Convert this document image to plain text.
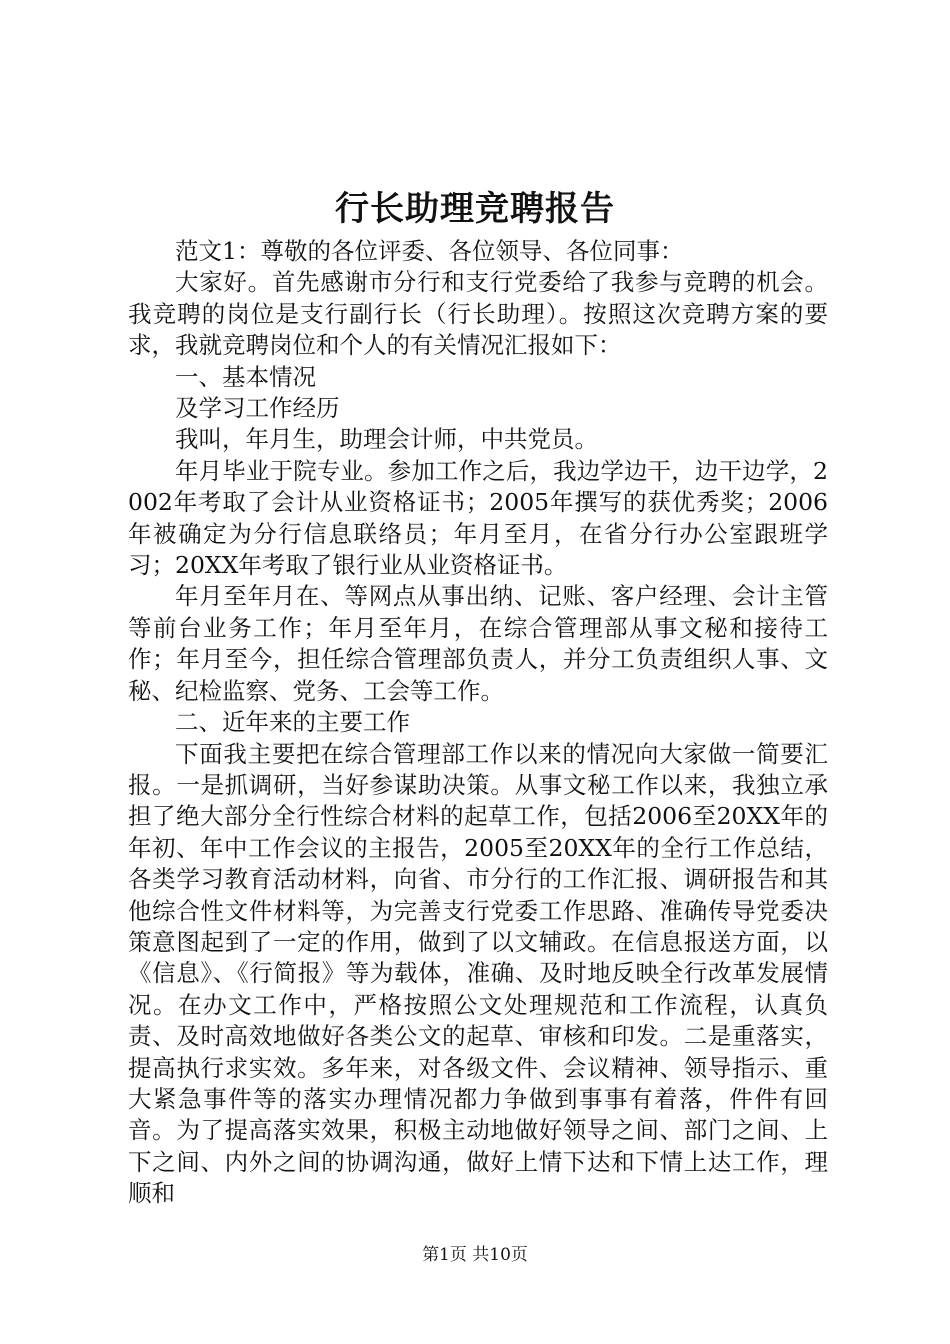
行长助理竞聘报告

范文1：尊敬的各位评委、各位领导、各位同事：

大家好。首先感谢市分行和支行党委给了我参与竞聘的机会。我竞聘的岗位是支行副行长（行长助理）。按照这次竞聘方案的要求，我就竞聘岗位和个人的有关情况汇报如下：

一、基本情况

及学习工作经历

我叫，年月生，助理会计师，中共党员。

年月毕业于院专业。参加工作之后，我边学边干，边干边学，2002年考取了会计从业资格证书；2005年撰写的获优秀奖；2006年被确定为分行信息联络员；年月至月，在省分行办公室跟班学习；20XX年考取了银行业从业资格证书。

年月至年月在、等网点从事出纳、记账、客户经理、会计主管等前台业务工作；年月至年月，在综合管理部从事文秘和接待工作；年月至今，担任综合管理部负责人，并分工负责组织人事、文秘、纪检监察、党务、工会等工作。

二、近年来的主要工作

下面我主要把在综合管理部工作以来的情况向大家做一简要汇报。一是抓调研，当好参谋助决策。从事文秘工作以来，我独立承担了绝大部分全行性综合材料的起草工作，包括2006至20XX年的年初、年中工作会议的主报告，2005至20XX年的全行工作总结，各类学习教育活动材料，向省、市分行的工作汇报、调研报告和其他综合性文件材料等，为完善支行党委工作思路、准确传导党委决策意图起到了一定的作用，做到了以文辅政。在信息报送方面，以《信息》、《行简报》等为载体，准确、及时地反映全行改革发展情况。在办文工作中，严格按照公文处理规范和工作流程，认真负责、及时高效地做好各类公文的起草、审核和印发。二是重落实，提高执行求实效。多年来，对各级文件、会议精神、领导指示、重大紧急事件等的落实办理情况都力争做到事事有着落，件件有回音。为了提高落实效果，积极主动地做好领导之间、部门之间、上下之间、内外之间的协调沟通，做好上情下达和下情上达工作，理顺和

第1页 共10页
